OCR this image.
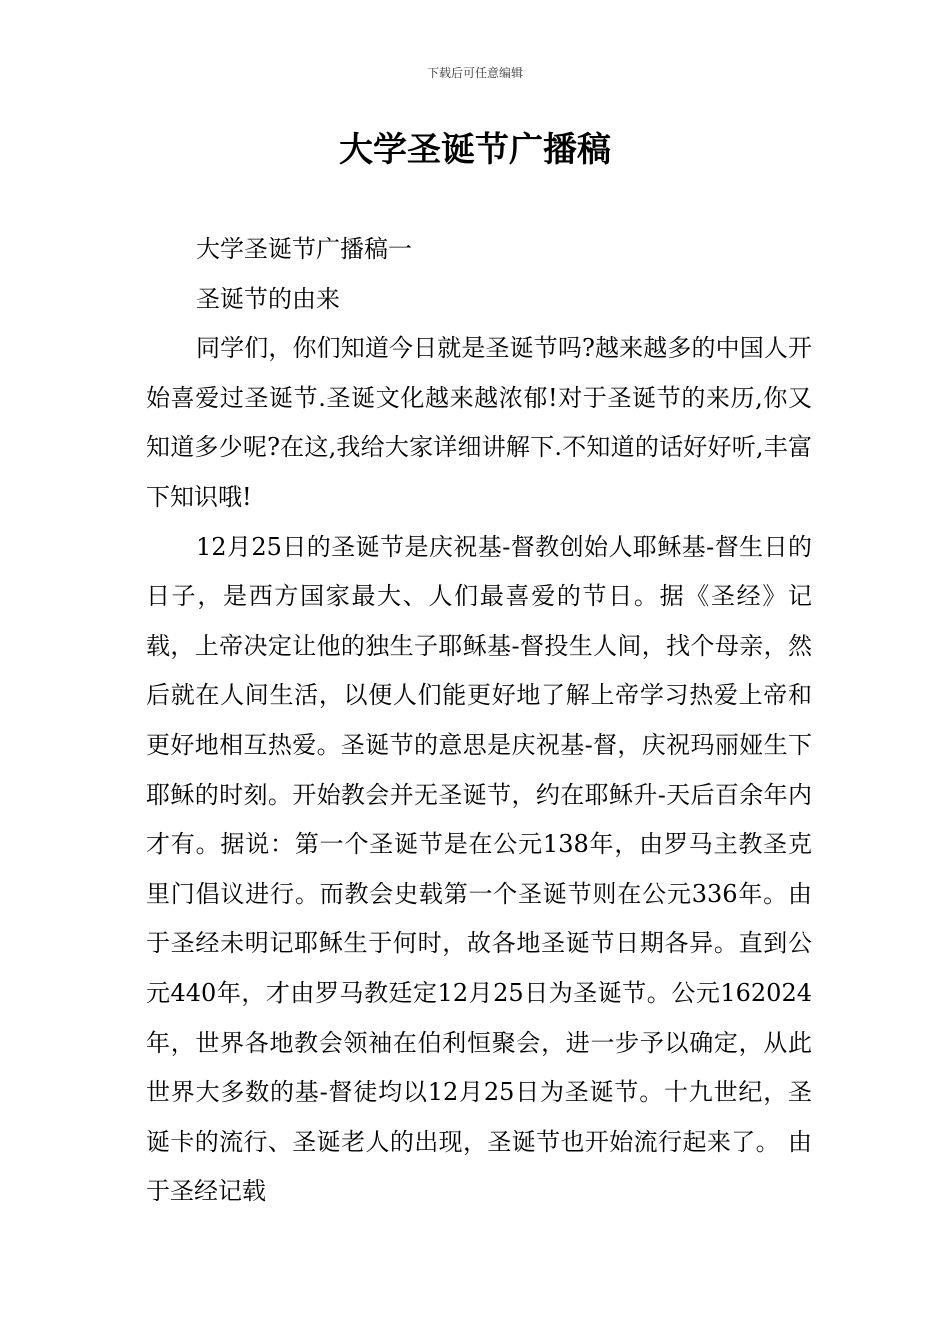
下载后可任意编辑
大学圣诞节广播稿

大学圣诞节广播稿一

圣诞节的由来

同学们，你们知道今日就是圣诞节吗?越来越多的中国人开始喜爱过圣诞节.圣诞文化越来越浓郁!对于圣诞节的来历,你又知道多少呢?在这,我给大家详细讲解下.不知道的话好好听,丰富下知识哦!

12月25日的圣诞节是庆祝基-督教创始人耶稣基-督生日的日子，是西方国家最大、人们最喜爱的节日。据《圣经》记载，上帝决定让他的独生子耶稣基-督投生人间，找个母亲，然后就在人间生活，以便人们能更好地了解上帝学习热爱上帝和更好地相互热爱。圣诞节的意思是庆祝基-督，庆祝玛丽娅生下耶稣的时刻。开始教会并无圣诞节，约在耶稣升-天后百余年内才有。据说：第一个圣诞节是在公元138年，由罗马主教圣克里门倡议进行。而教会史载第一个圣诞节则在公元336年。由于圣经未明记耶稣生于何时，故各地圣诞节日期各异。直到公元440年，才由罗马教廷定12月25日为圣诞节。公元162024年，世界各地教会领袖在伯利恒聚会，进一步予以确定，从此世界大多数的基-督徒均以12月25日为圣诞节。十九世纪，圣诞卡的流行、圣诞老人的出现，圣诞节也开始流行起来了。 由于圣经记载
